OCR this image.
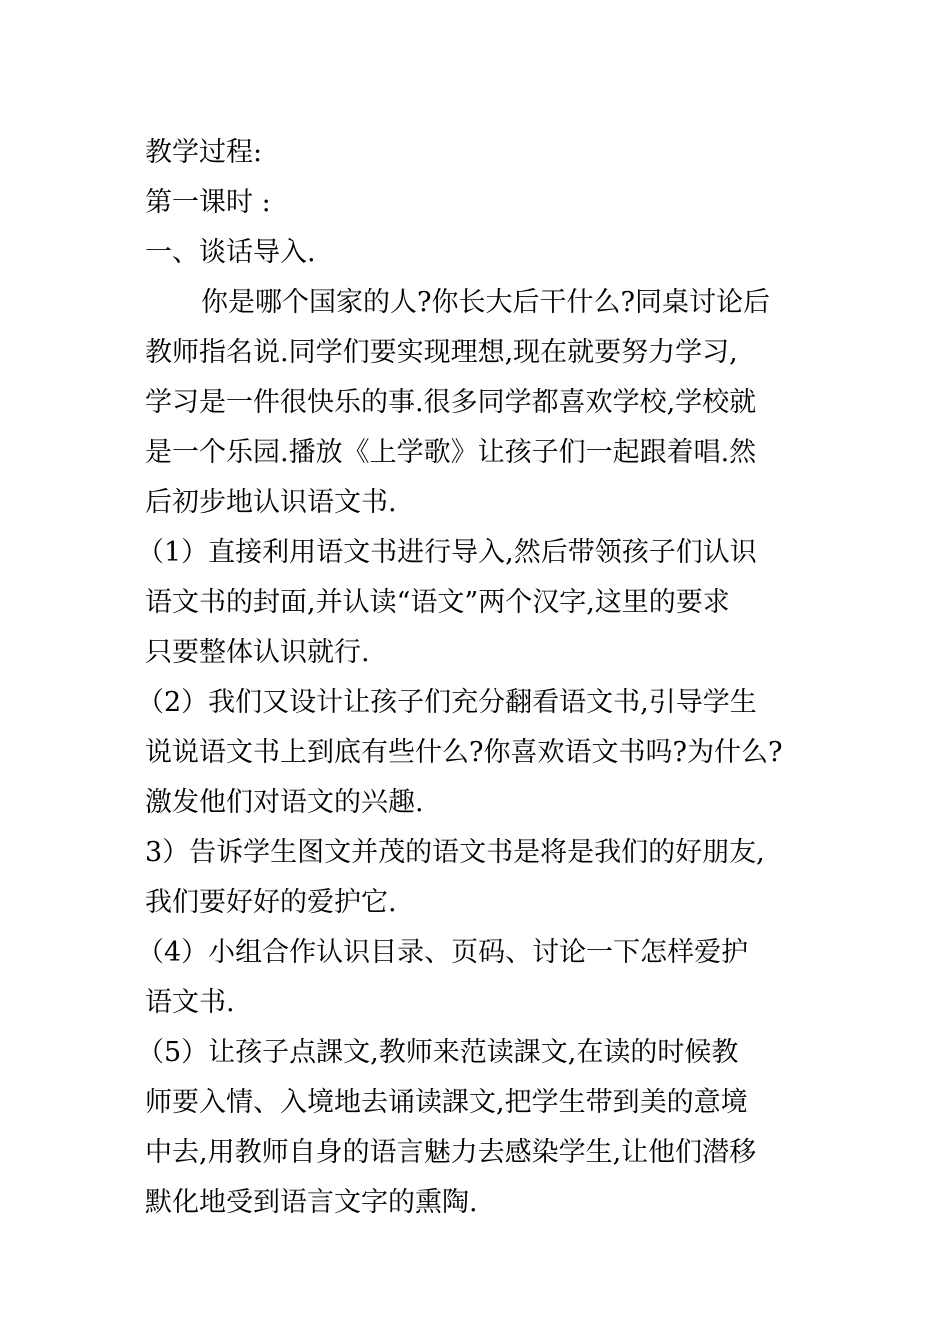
教学过程:
第一课时 :
一、谈话导入.
你是哪个国家的人?你长大后干什么?同桌讨论后
教师指名说.同学们要实现理想,现在就要努力学习,
学习是一件很快乐的事.很多同学都喜欢学校,学校就
是一个乐园.播放《上学歌》让孩子们一起跟着唱.然
后初步地认识语文书.
（1）直接利用语文书进行导入,然后带领孩子们认识
语文书的封面,并认读“语文”两个汉字,这里的要求
只要整体认识就行.
（2）我们又设计让孩子们充分翻看语文书,引导学生
说说语文书上到底有些什么?你喜欢语文书吗?为什么?
激发他们对语文的兴趣.
3）告诉学生图文并茂的语文书是将是我们的好朋友,
我们要好好的爱护它.
（4）小组合作认识目录、页码、讨论一下怎样爱护
语文书.
（5）让孩子点課文,教师来范读課文,在读的时候教
师要入情、入境地去诵读課文,把学生带到美的意境
中去,用教师自身的语言魅力去感染学生,让他们潜移
默化地受到语言文字的熏陶.
